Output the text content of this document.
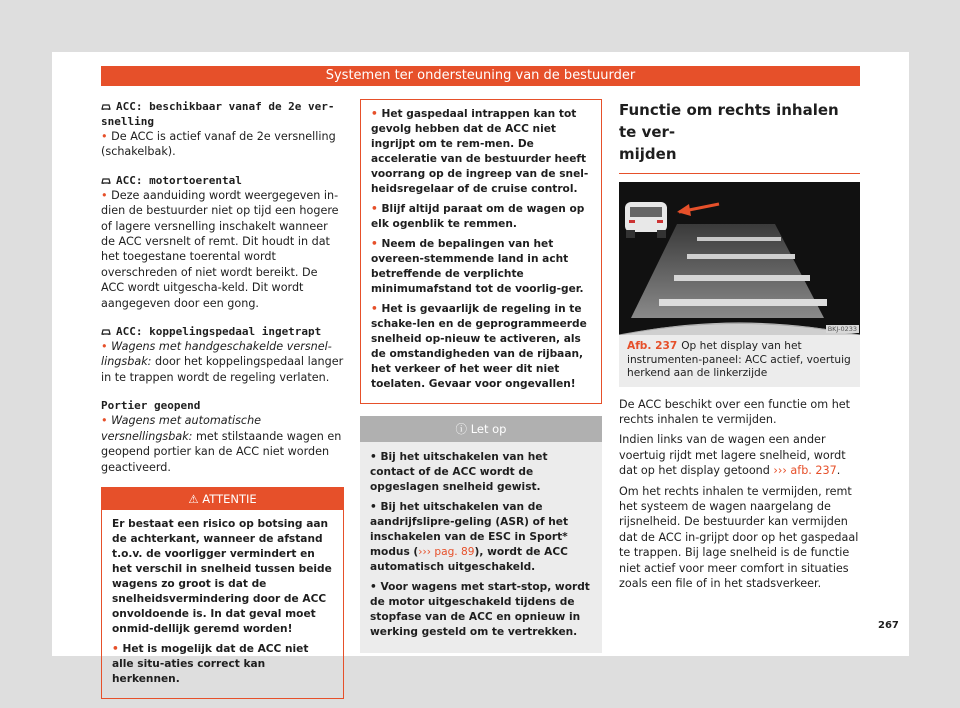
Systemen ter ondersteuning van de bestuurder
ACC: beschikbaar vanaf de 2e ver-
snelling

• De ACC is actief vanaf de 2e versnelling (schakelbak).

ACC: motortoerental

• Deze aanduiding wordt weergegeven in-dien de bestuurder niet op tijd een hogere of lagere versnelling inschakelt wanneer de ACC versnelt of remt. Dit houdt in dat het toegestane toerental wordt overschreden of niet wordt bereikt. De ACC wordt uitgescha-keld. Dit wordt aangegeven door een gong.

ACC: koppelingspedaal ingetrapt

• Wagens met handgeschakelde versnel-lingsbak: door het koppelingspedaal langer in te trappen wordt de regeling verlaten.

Portier geopend

• Wagens met automatische versnellingsbak: met stilstaande wagen en geopend portier kan de ACC niet worden geactiveerd.

⚠ ATTENTIE

Er bestaat een risico op botsing aan de achterkant, wanneer de afstand t.o.v. de voorligger vermindert en het verschil in snelheid tussen beide wagens zo groot is dat de snelheidsvermindering door de ACC onvoldoende is. In dat geval moet onmid-dellijk geremd worden!

• Het is mogelijk dat de ACC niet alle situ-aties correct kan herkennen.

• Het gaspedaal intrappen kan tot gevolg hebben dat de ACC niet ingrijpt om te rem-men. De acceleratie van de bestuurder heeft voorrang op de ingreep van de snel-heidsregelaar of de cruise control.

• Blijf altijd paraat om de wagen op elk ogenblik te remmen.

• Neem de bepalingen van het overeen-stemmende land in acht betreffende de verplichte minimumafstand tot de voorlig-ger.

• Het is gevaarlijk de regeling in te schake-len en de geprogrammeerde snelheid op-nieuw te activeren, als de omstandigheden van de rijbaan, het verkeer of het weer dit niet toelaten. Gevaar voor ongevallen!

ⓘ Let op

• Bij het uitschakelen van het contact of de ACC wordt de opgeslagen snelheid gewist.

• Bij het uitschakelen van de aandrijfslipre-geling (ASR) of het inschakelen van de ESC in Sport* modus (››› pag. 89), wordt de ACC automatisch uitgeschakeld.

• Voor wagens met start-stop, wordt de motor uitgeschakeld tijdens de stopfase van de ACC en opnieuw in werking gesteld om te vertrekken.

Functie om rechts inhalen te ver-
mijden
BKJ-0233
Afb. 237 Op het display van het instrumenten-paneel: ACC actief, voertuig herkend aan de linkerzijde

De ACC beschikt over een functie om het rechts inhalen te vermijden.

Indien links van de wagen een ander voertuig rijdt met lagere snelheid, wordt dat op het display getoond ››› afb. 237.

Om het rechts inhalen te vermijden, remt het systeem de wagen naargelang de rijsnelheid. De bestuurder kan vermijden dat de ACC in-grijpt door op het gaspedaal te trappen. Bij lage snelheid is de functie niet actief voor meer comfort in situaties zoals een file of in het stadsverkeer.

267
